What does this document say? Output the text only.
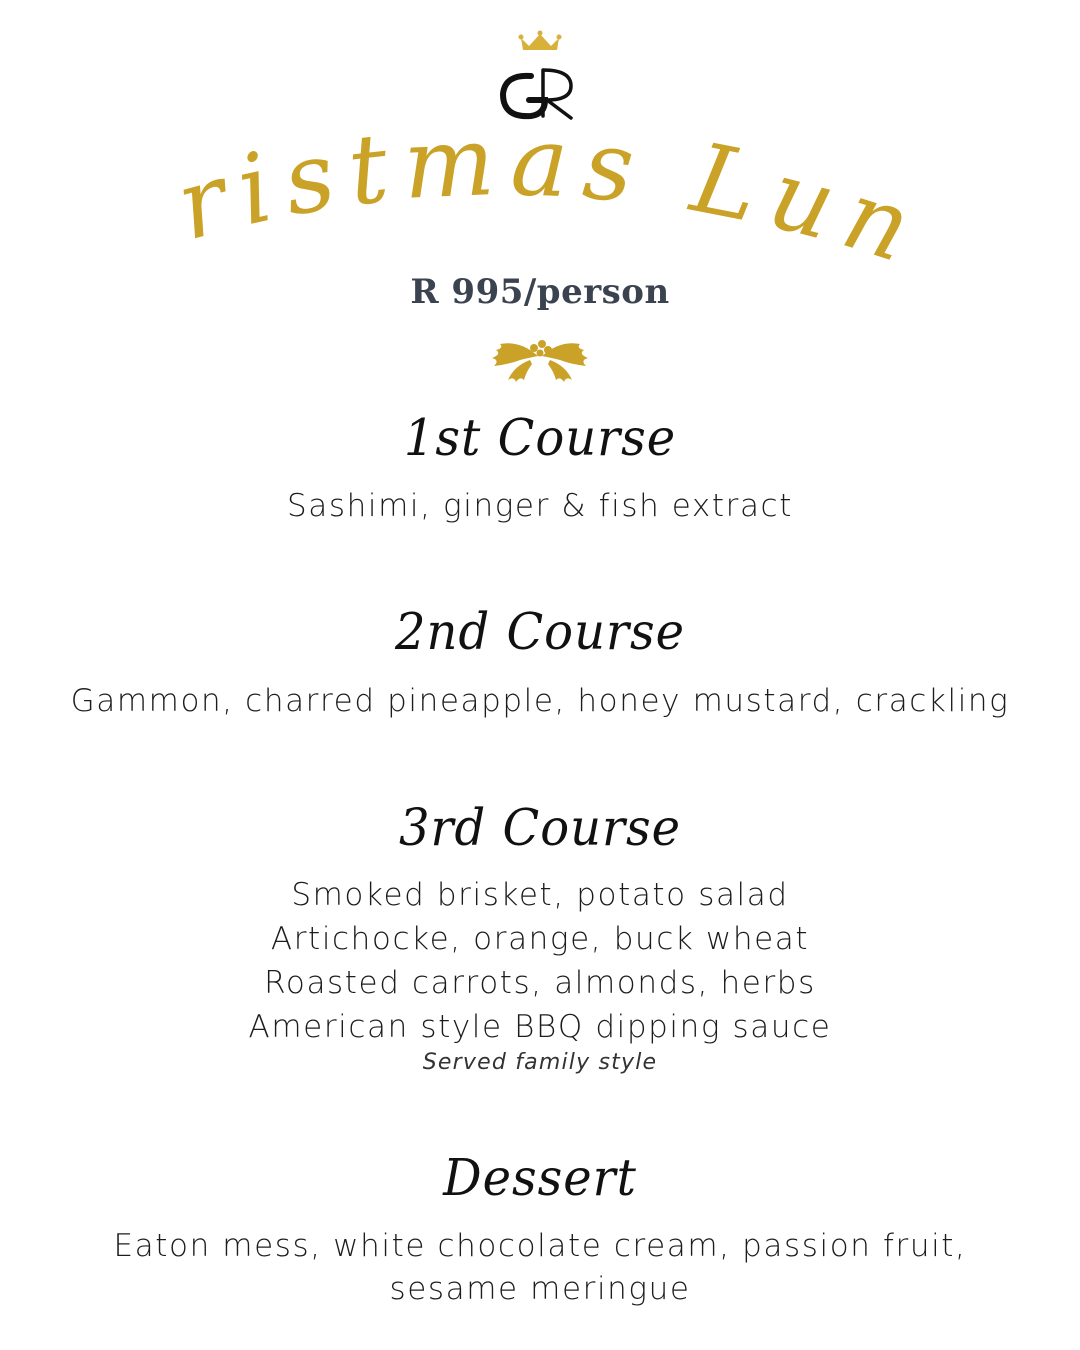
ristmas Lun
R 995/person
1st Course
Sashimi, ginger & fish extract
2nd Course
Gammon, charred pineapple, honey mustard, crackling
3rd Course
Smoked brisket, potato salad
Artichocke, orange, buck wheat
Roasted carrots, almonds, herbs
American style BBQ dipping sauce
Served family style
Dessert
Eaton mess, white chocolate cream, passion fruit,
sesame meringue
